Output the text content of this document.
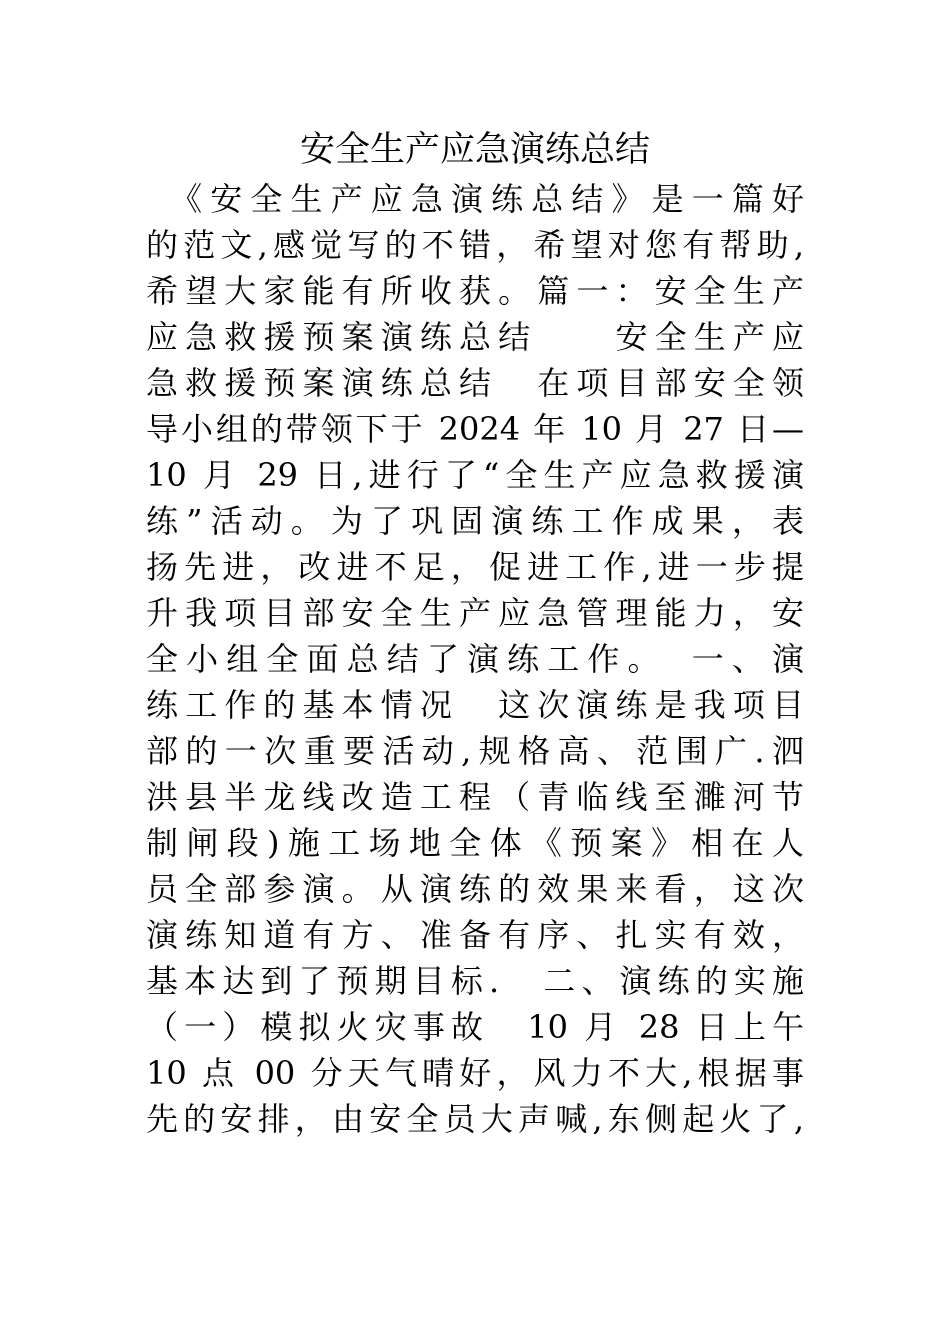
安全生产应急演练总结
　《安全生产应急演练总结》是一篇好
的范文,感觉写的不错，希望对您有帮助,
希望大家能有所收获。篇一：安全生产
应急救援预案演练总结　　安全生产应
急救援预案演练总结　在项目部安全领
导小组的带领下于 2024 年 10 月 27 日—
10 月 29 日,进行了“全生产应急救援演
练”活动。为了巩固演练工作成果，表
扬先进，改进不足，促进工作,进一步提
升我项目部安全生产应急管理能力，安
全小组全面总结了演练工作。　一、演
练工作的基本情况　这次演练是我项目
部的一次重要活动,规格高、范围广.泗
洪县半龙线改造工程（青临线至濉河节
制闸段)施工场地全体《预案》相在人
员全部参演。从演练的效果来看，这次
演练知道有方、准备有序、扎实有效，
基本达到了预期目标.　二、演练的实施
（一）模拟火灾事故　10 月 28 日上午
10 点 00 分天气晴好，风力不大,根据事
先的安排，由安全员大声喊,东侧起火了,
